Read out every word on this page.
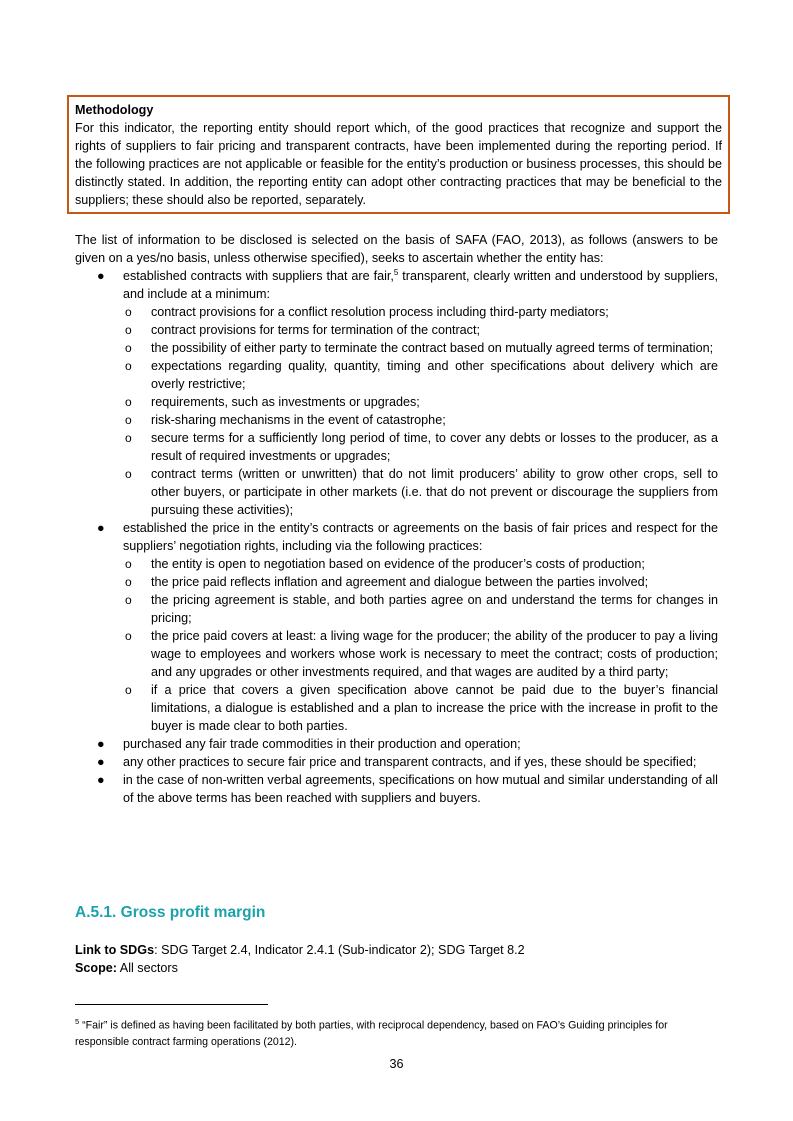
Methodology
For this indicator, the reporting entity should report which, of the good practices that recognize and support the rights of suppliers to fair pricing and transparent contracts, have been implemented during the reporting period. If the following practices are not applicable or feasible for the entity’s production or business processes, this should be distinctly stated. In addition, the reporting entity can adopt other contracting practices that may be beneficial to the suppliers; these should also be reported, separately.

The list of information to be disclosed is selected on the basis of SAFA (FAO, 2013), as follows (answers to be given on a yes/no basis, unless otherwise specified), seeks to ascertain whether the entity has:

● established contracts with suppliers that are fair,$^5$ transparent, clearly written and understood by suppliers, and include at a minimum:
o contract provisions for a conflict resolution process including third-party mediators;
o contract provisions for terms for termination of the contract;
o the possibility of either party to terminate the contract based on mutually agreed terms of termination;
o expectations regarding quality, quantity, timing and other specifications about delivery which are overly restrictive;
o requirements, such as investments or upgrades;
o risk-sharing mechanisms in the event of catastrophe;
o secure terms for a sufficiently long period of time, to cover any debts or losses to the producer, as a result of required investments or upgrades;
o contract terms (written or unwritten) that do not limit producers’ ability to grow other crops, sell to other buyers, or participate in other markets (i.e. that do not prevent or discourage the suppliers from pursuing these activities);
● established the price in the entity’s contracts or agreements on the basis of fair prices and respect for the suppliers’ negotiation rights, including via the following practices:
o the entity is open to negotiation based on evidence of the producer’s costs of production;
o the price paid reflects inflation and agreement and dialogue between the parties involved;
o the pricing agreement is stable, and both parties agree on and understand the terms for changes in pricing;
o the price paid covers at least: a living wage for the producer; the ability of the producer to pay a living wage to employees and workers whose work is necessary to meet the contract; costs of production; and any upgrades or other investments required, and that wages are audited by a third party;
o if a price that covers a given specification above cannot be paid due to the buyer’s financial limitations, a dialogue is established and a plan to increase the price with the increase in profit to the buyer is made clear to both parties.
● purchased any fair trade commodities in their production and operation;
● any other practices to secure fair price and transparent contracts, and if yes, these should be specified;
● in the case of non-written verbal agreements, specifications on how mutual and similar understanding of all of the above terms has been reached with suppliers and buyers.
A.5.1. Gross profit margin
Link to SDGs: SDG Target 2.4, Indicator 2.4.1 (Sub-indicator 2); SDG Target 8.2
Scope: All sectors
$^5$ “Fair” is defined as having been facilitated by both parties, with reciprocal dependency, based on FAO’s Guiding principles for responsible contract farming operations (2012).
36
